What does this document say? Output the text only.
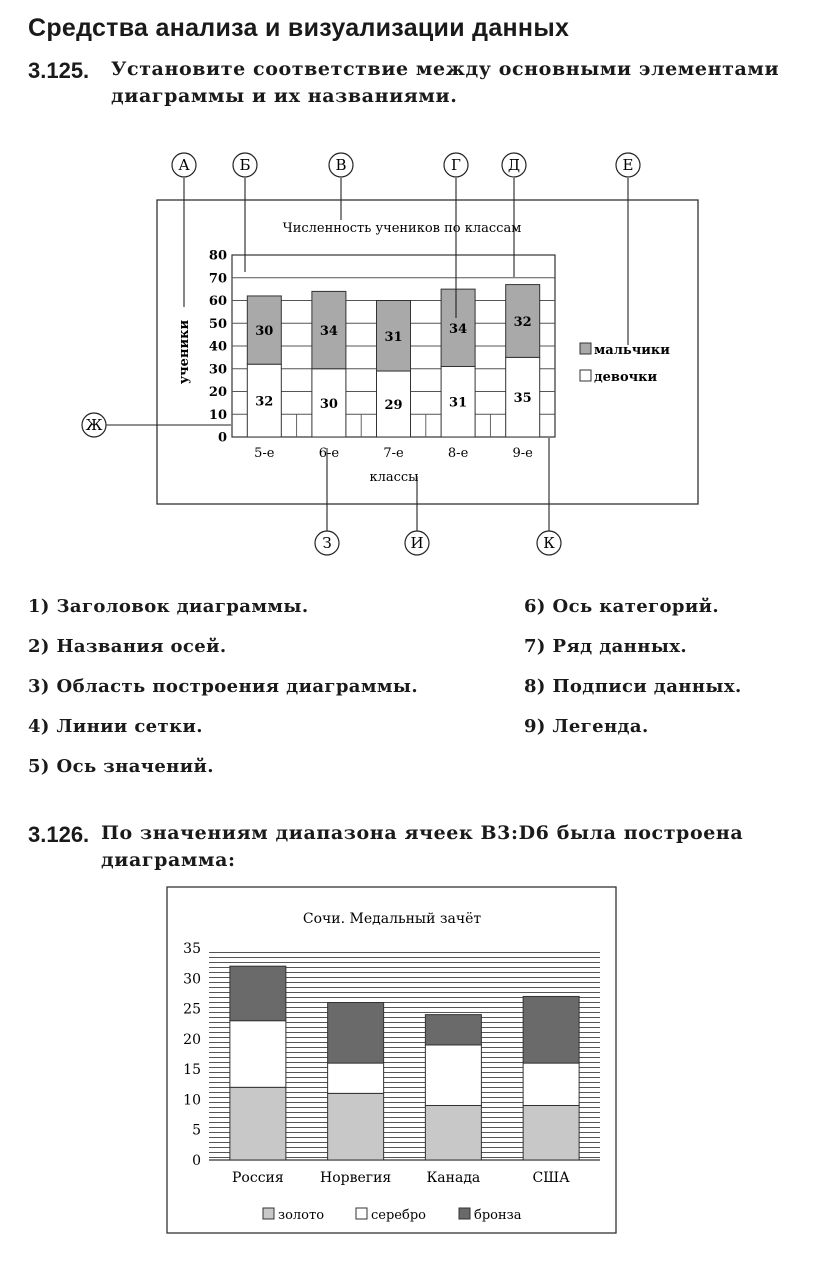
Средства анализа и визуализации данных
3.125. Установите соответствие между основными элементами
диаграммы и их названиями.
0
10
20
30
40
50
60
70
80
32
30
30
34
29
31
31
34
35
32
5-е	6-е	7-е	8-е	9-е
Численность учеников по классам
классы
ученики	мальчики
девочки
А	Б	В	Г	Д	Е
Ж
З	И	К
1) Заголовок диаграммы.
2) Названия осей.
3) Область построения диаграммы.
4) Линии сетки.
5) Ось значений.
6) Ось категорий.
7) Ряд данных.
8) Подписи данных.
9) Легенда.
3.126. По значениям диапазона ячеек B3:D6 была построена
диаграмма:
Сочи. Медальный зачёт
0
5
10
15
20
25
30
35
Россия	Норвегия	Канада	США
золото	серебро	бронза
